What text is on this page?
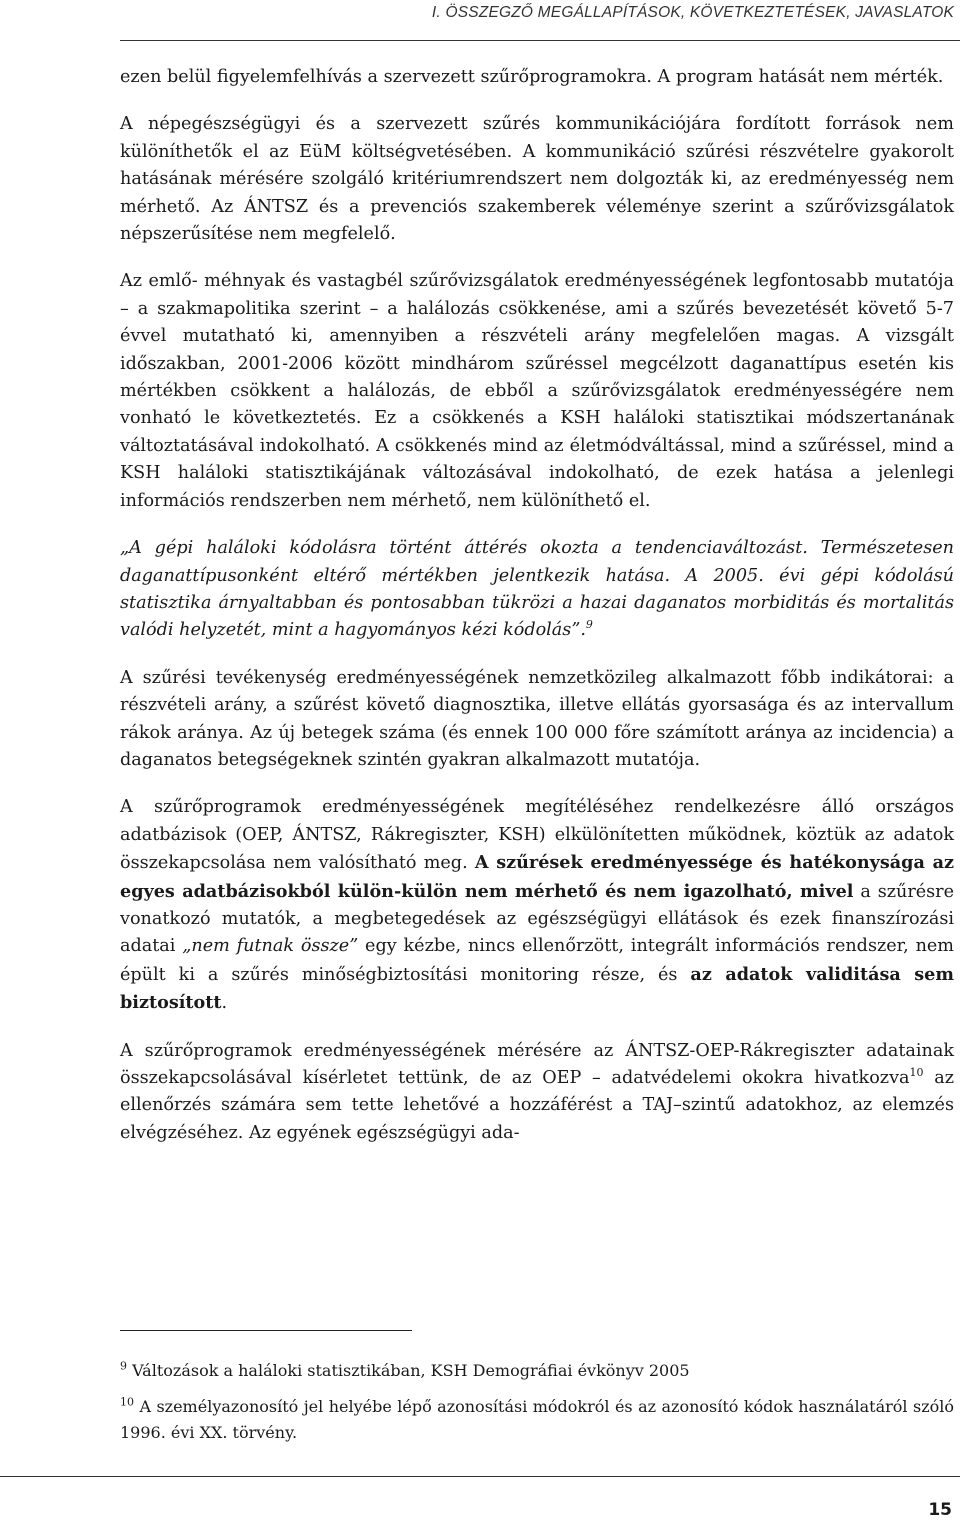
I. ÖSSZEGZŐ MEGÁLLAPÍTÁSOK, KÖVETKEZTETÉSEK, JAVASLATOK

ezen belül figyelemfelhívás a szervezett szűrőprogramokra. A program hatását nem mérték.

A népegészségügyi és a szervezett szűrés kommunikációjára fordított források nem különíthetők el az EüM költségvetésében. A kommunikáció szűrési részvételre gyakorolt hatásának mérésére szolgáló kritériumrendszert nem dolgozták ki, az eredményesség nem mérhető. Az ÁNTSZ és a prevenciós szakemberek véleménye szerint a szűrővizsgálatok népszerűsítése nem megfelelő.

Az emlő- méhnyak és vastagbél szűrővizsgálatok eredményességének legfontosabb mutatója – a szakmapolitika szerint – a halálozás csökkenése, ami a szűrés bevezetését követő 5-7 évvel mutatható ki, amennyiben a részvételi arány megfelelően magas. A vizsgált időszakban, 2001-2006 között mindhárom szűréssel megcélzott daganattípus esetén kis mértékben csökkent a halálozás, de ebből a szűrővizsgálatok eredményességére nem vonható le következtetés. Ez a csökkenés a KSH haláloki statisztikai módszertanának változtatásával indokolható. A csökkenés mind az életmódváltással, mind a szűréssel, mind a KSH haláloki statisztikájának változásával indokolható, de ezek hatása a jelenlegi információs rendszerben nem mérhető, nem különíthető el.

„A gépi haláloki kódolásra történt áttérés okozta a tendenciaváltozást. Természetesen daganattípusonként eltérő mértékben jelentkezik hatása. A 2005. évi gépi kódolású statisztika árnyaltabban és pontosabban tükrözi a hazai daganatos morbiditás és mortalitás valódi helyzetét, mint a hagyományos kézi kódolás”.$^9$

A szűrési tevékenység eredményességének nemzetközileg alkalmazott főbb indikátorai: a részvételi arány, a szűrést követő diagnosztika, illetve ellátás gyorsasága és az intervallum rákok aránya. Az új betegek száma (és ennek 100 000 főre számított aránya az incidencia) a daganatos betegségeknek szintén gyakran alkalmazott mutatója.

A szűrőprogramok eredményességének megítéléséhez rendelkezésre álló országos adatbázisok (OEP, ÁNTSZ, Rákregiszter, KSH) elkülönítetten működnek, köztük az adatok összekapcsolása nem valósítható meg. A szűrések eredményessége és hatékonysága az egyes adatbázisokból külön-külön nem mérhető és nem igazolható, mivel a szűrésre vonatkozó mutatók, a megbetegedések az egészségügyi ellátások és ezek finanszírozási adatai „nem futnak össze” egy kézbe, nincs ellenőrzött, integrált információs rendszer, nem épült ki a szűrés minőségbiztosítási monitoring része, és az adatok validitása sem biztosított.

A szűrőprogramok eredményességének mérésére az ÁNTSZ-OEP-Rákregiszter adatainak összekapcsolásával kísérletet tettünk, de az OEP – adatvédelemi okokra hivatkozva$^{10}$ az ellenőrzés számára sem tette lehetővé a hozzáférést a TAJ–szintű adatokhoz, az elemzés elvégzéséhez. Az egyének egészségügyi ada-

$^9$ Változások a haláloki statisztikában, KSH Demográfiai évkönyv 2005

$^{10}$ A személyazonosító jel helyébe lépő azonosítási módokról és az azonosító kódok használatáról szóló 1996. évi XX. törvény.

15
